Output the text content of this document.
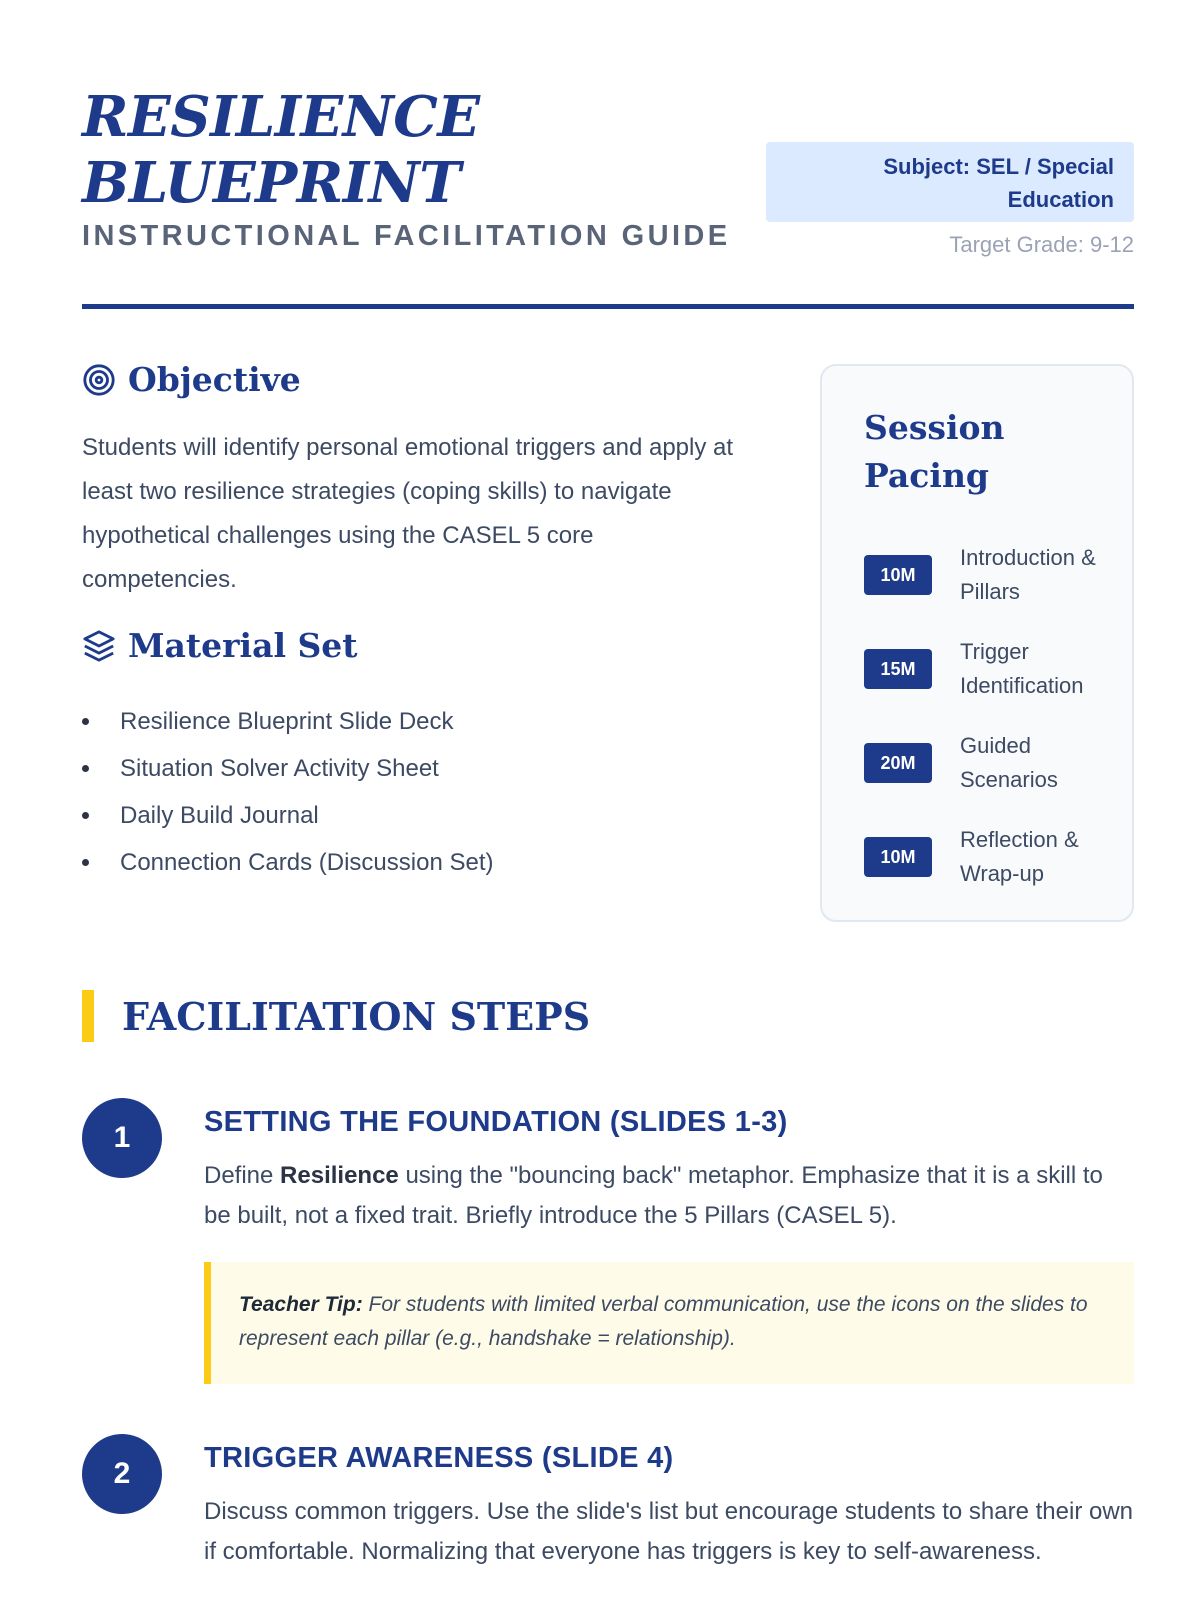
RESILIENCE
BLUEPRINT
INSTRUCTIONAL FACILITATION GUIDE
Subject: SEL / Special Education
Target Grade: 9-12
Objective

Students will identify personal emotional triggers and apply at least two resilience strategies (coping skills) to navigate hypothetical challenges using the CASEL 5 core competencies.

Material Set
Resilience Blueprint Slide Deck
Situation Solver Activity Sheet
Daily Build Journal
Connection Cards (Discussion Set)
Session Pacing
10M
Introduction & Pillars
15M
Trigger Identification
20M
Guided Scenarios
10M
Reflection & Wrap-up
FACILITATION STEPS
1	SETTING THE FOUNDATION (SLIDES 1-3)

Define Resilience using the "bouncing back" metaphor. Emphasize that it is a skill to be built, not a fixed trait. Briefly introduce the 5 Pillars (CASEL 5).

Teacher Tip: For students with limited verbal communication, use the icons on the slides to represent each pillar (e.g., handshake = relationship).
2	TRIGGER AWARENESS (SLIDE 4)

Discuss common triggers. Use the slide's list but encourage students to share their own if comfortable. Normalizing that everyone has triggers is key to self-awareness.
